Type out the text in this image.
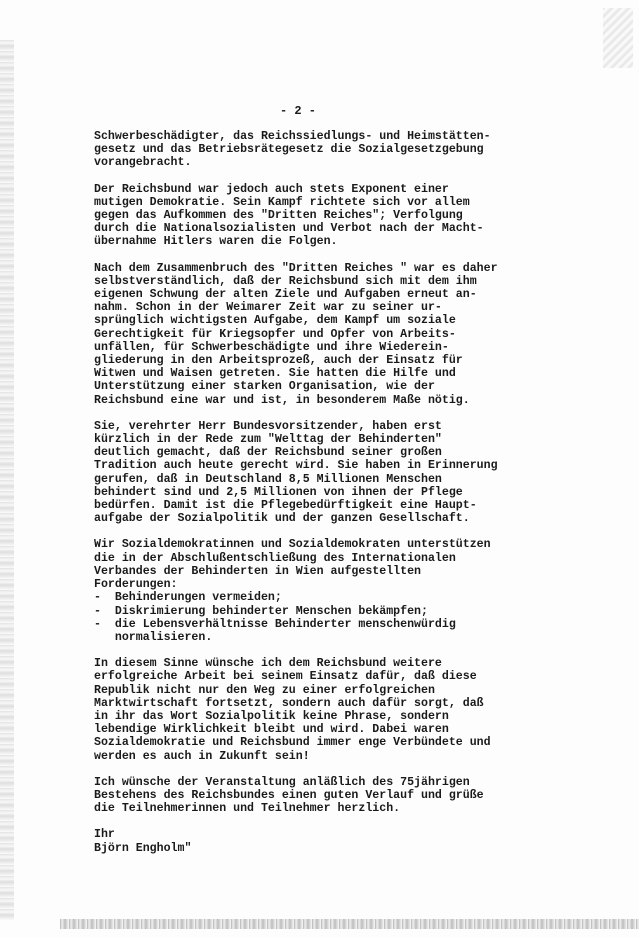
- 2 -
Schwerbeschädigter, das Reichssiedlungs- und Heimstätten-
gesetz und das Betriebsrätegesetz die Sozialgesetzgebung
vorangebracht.
Der Reichsbund war jedoch auch stets Exponent einer
mutigen Demokratie. Sein Kampf richtete sich vor allem
gegen das Aufkommen des "Dritten Reiches"; Verfolgung
durch die Nationalsozialisten und Verbot nach der Macht-
übernahme Hitlers waren die Folgen.
Nach dem Zusammenbruch des "Dritten Reiches " war es daher
selbstverständlich, daß der Reichsbund sich mit dem ihm
eigenen Schwung der alten Ziele und Aufgaben erneut an-
nahm. Schon in der Weimarer Zeit war zu seiner ur-
sprünglich wichtigsten Aufgabe, dem Kampf um soziale
Gerechtigkeit für Kriegsopfer und Opfer von Arbeits-
unfällen, für Schwerbeschädigte und ihre Wiederein-
gliederung in den Arbeitsprozeß, auch der Einsatz für
Witwen und Waisen getreten. Sie hatten die Hilfe und
Unterstützung einer starken Organisation, wie der
Reichsbund eine war und ist, in besonderem Maße nötig.
Sie, verehrter Herr Bundesvorsitzender, haben erst
kürzlich in der Rede zum "Welttag der Behinderten"
deutlich gemacht, daß der Reichsbund seiner großen
Tradition auch heute gerecht wird. Sie haben in Erinnerung
gerufen, daß in Deutschland 8,5 Millionen Menschen
behindert sind und 2,5 Millionen von ihnen der Pflege
bedürfen. Damit ist die Pflegebedürftigkeit eine Haupt-
aufgabe der Sozialpolitik und der ganzen Gesellschaft.
Wir Sozialdemokratinnen und Sozialdemokraten unterstützen
die in der Abschlußentschließung des Internationalen
Verbandes der Behinderten in Wien aufgestellten
Forderungen:
-  Behinderungen vermeiden;
-  Diskrimierung behinderter Menschen bekämpfen;
-  die Lebensverhältnisse Behinderter menschenwürdig
normalisieren.
In diesem Sinne wünsche ich dem Reichsbund weitere
erfolgreiche Arbeit bei seinem Einsatz dafür, daß diese
Republik nicht nur den Weg zu einer erfolgreichen
Marktwirtschaft fortsetzt, sondern auch dafür sorgt, daß
in ihr das Wort Sozialpolitik keine Phrase, sondern
lebendige Wirklichkeit bleibt und wird. Dabei waren
Sozialdemokratie und Reichsbund immer enge Verbündete und
werden es auch in Zukunft sein!
Ich wünsche der Veranstaltung anläßlich des 75jährigen
Bestehens des Reichsbundes einen guten Verlauf und grüße
die Teilnehmerinnen und Teilnehmer herzlich.
Ihr
Björn Engholm"
